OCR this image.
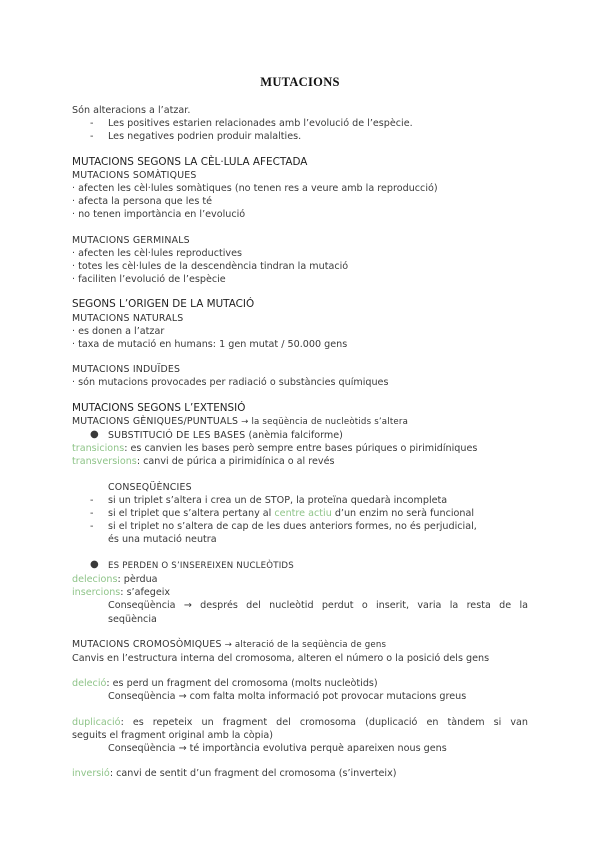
MUTACIONS
Són alteracions a l’atzar.
- Les positives estarien relacionades amb l’evolució de l’espècie.
- Les negatives podrien produir malalties.
MUTACIONS SEGONS LA CÈL·LULA AFECTADA
MUTACIONS SOMÀTIQUES
· afecten les cèl·lules somàtiques (no tenen res a veure amb la reproducció)
· afecta la persona que les té
· no tenen importància en l’evolució
MUTACIONS GERMINALS
· afecten les cèl·lules reproductives
· totes les cèl·lules de la descendència tindran la mutació
· faciliten l’evolució de l’espècie
SEGONS L’ORIGEN DE LA MUTACIÓ
MUTACIONS NATURALS
· es donen a l’atzar
· taxa de mutació en humans: 1 gen mutat / 50.000 gens
MUTACIONS INDUÏDES
· són mutacions provocades per radiació o substàncies químiques
MUTACIONS SEGONS L’EXTENSIÓ
MUTACIONS GÈNIQUES/PUNTUALS → la seqüència de nucleòtids s’altera
● SUBSTITUCIÓ DE LES BASES (anèmia falciforme)
transicions: es canvien les bases però sempre entre bases púriques o pirimidíniques
transversions: canvi de púrica a pirimidínica o al revés
CONSEQÜÈNCIES
- si un triplet s’altera i crea un de STOP, la proteïna quedarà incompleta
- si el triplet que s’altera pertany al centre actiu d’un enzim no serà funcional
- si el triplet no s’altera de cap de les dues anteriors formes, no és perjudicial,
és una mutació neutra
● ES PERDEN O S’INSEREIXEN NUCLEÒTIDS
delecions: pèrdua
insercions: s’afegeix
Conseqüència → després del nucleòtid perdut o inserit, varia la resta de la
seqüència
MUTACIONS CROMOSÒMIQUES → alteració de la seqüència de gens
Canvis en l’estructura interna del cromosoma, alteren el número o la posició dels gens
deleció: es perd un fragment del cromosoma (molts nucleòtids)
Conseqüència → com falta molta informació pot provocar mutacions greus
duplicació: es repeteix un fragment del cromosoma (duplicació en tàndem si van
seguits el fragment original amb la còpia)
Conseqüència → té importància evolutiva perquè apareixen nous gens
inversió: canvi de sentit d’un fragment del cromosoma (s’inverteix)
